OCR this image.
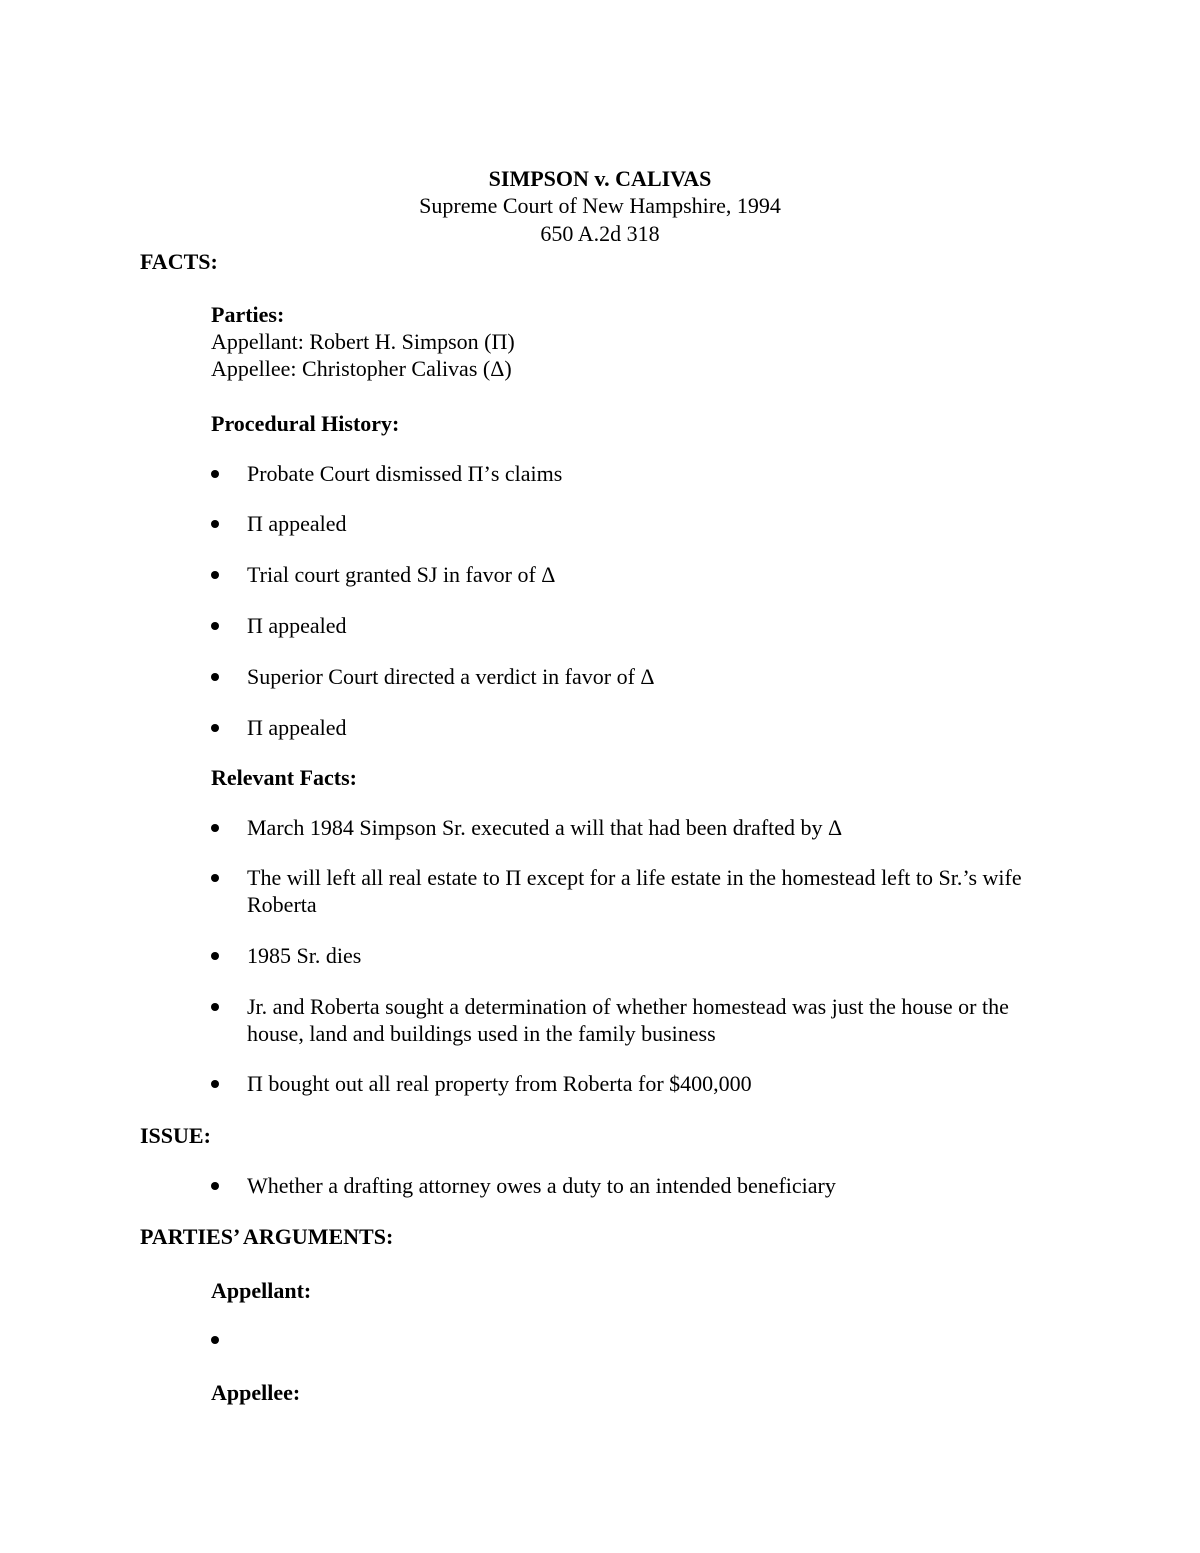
SIMPSON v. CALIVAS
Supreme Court of New Hampshire, 1994
650 A.2d 318
FACTS:
Parties:
Appellant: Robert H. Simpson (Π)
Appellee: Christopher Calivas (Δ)
Procedural History:
Probate Court dismissed Π’s claims
Π appealed
Trial court granted SJ in favor of Δ
Π appealed
Superior Court directed a verdict in favor of Δ
Π appealed
Relevant Facts:
March 1984 Simpson Sr. executed a will that had been drafted by Δ
The will left all real estate to Π except for a life estate in the homestead left to Sr.’s wife Roberta
1985 Sr. dies
Jr. and Roberta sought a determination of whether homestead was just the house or the house, land and buildings used in the family business
Π bought out all real property from Roberta for $400,000
ISSUE:
Whether a drafting attorney owes a duty to an intended beneficiary
PARTIES’ ARGUMENTS:
Appellant:
Appellee:
